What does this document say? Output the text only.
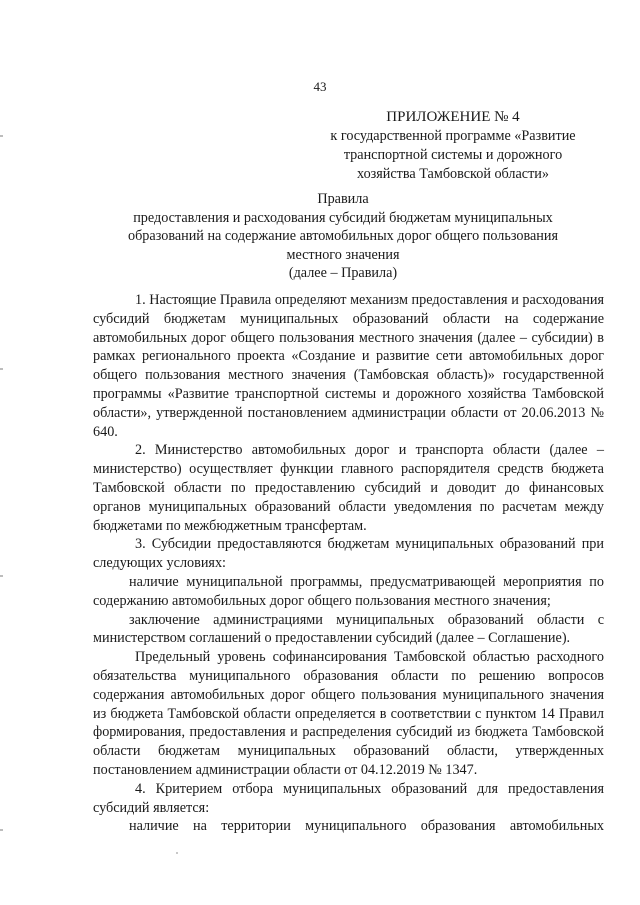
43
ПРИЛОЖЕНИЕ № 4
к государственной программе «Развитие
транспортной системы и дорожного
хозяйства Тамбовской области»
Правила
предоставления и расходования субсидий бюджетам муниципальных
образований на содержание автомобильных дорог общего пользования
местного значения
(далее – Правила)

1. Настоящие Правила определяют механизм предоставления и расходования субсидий бюджетам муниципальных образований области на содержание автомобильных дорог общего пользования местного значения (далее – субсидии) в рамках регионального проекта «Создание и развитие сети автомобильных дорог общего пользования местного значения (Тамбовская область)» государственной программы «Развитие транспортной системы и дорожного хозяйства Тамбовской области», утвержденной постановлением администрации области от 20.06.2013 № 640.

2. Министерство автомобильных дорог и транспорта области (далее – министерство) осуществляет функции главного распорядителя средств бюджета Тамбовской области по предоставлению субсидий и доводит до финансовых органов муниципальных образований области уведомления по расчетам между бюджетами по межбюджетным трансфертам.

3. Субсидии предоставляются бюджетам муниципальных образований при следующих условиях:

наличие муниципальной программы, предусматривающей мероприятия по содержанию автомобильных дорог общего пользования местного значения;

заключение администрациями муниципальных образований области с министерством соглашений о предоставлении субсидий (далее – Соглашение).

Предельный уровень софинансирования Тамбовской областью расходного обязательства муниципального образования области по решению вопросов содержания автомобильных дорог общего пользования муниципального значения из бюджета Тамбовской области определяется в соответствии с пунктом 14 Правил формирования, предоставления и распределения субсидий из бюджета Тамбовской области бюджетам муниципальных образований области, утвержденных постановлением администрации области от 04.12.2019 № 1347.

4. Критерием отбора муниципальных образований для предоставления субсидий является:

наличие на территории муниципального образования автомобильных
